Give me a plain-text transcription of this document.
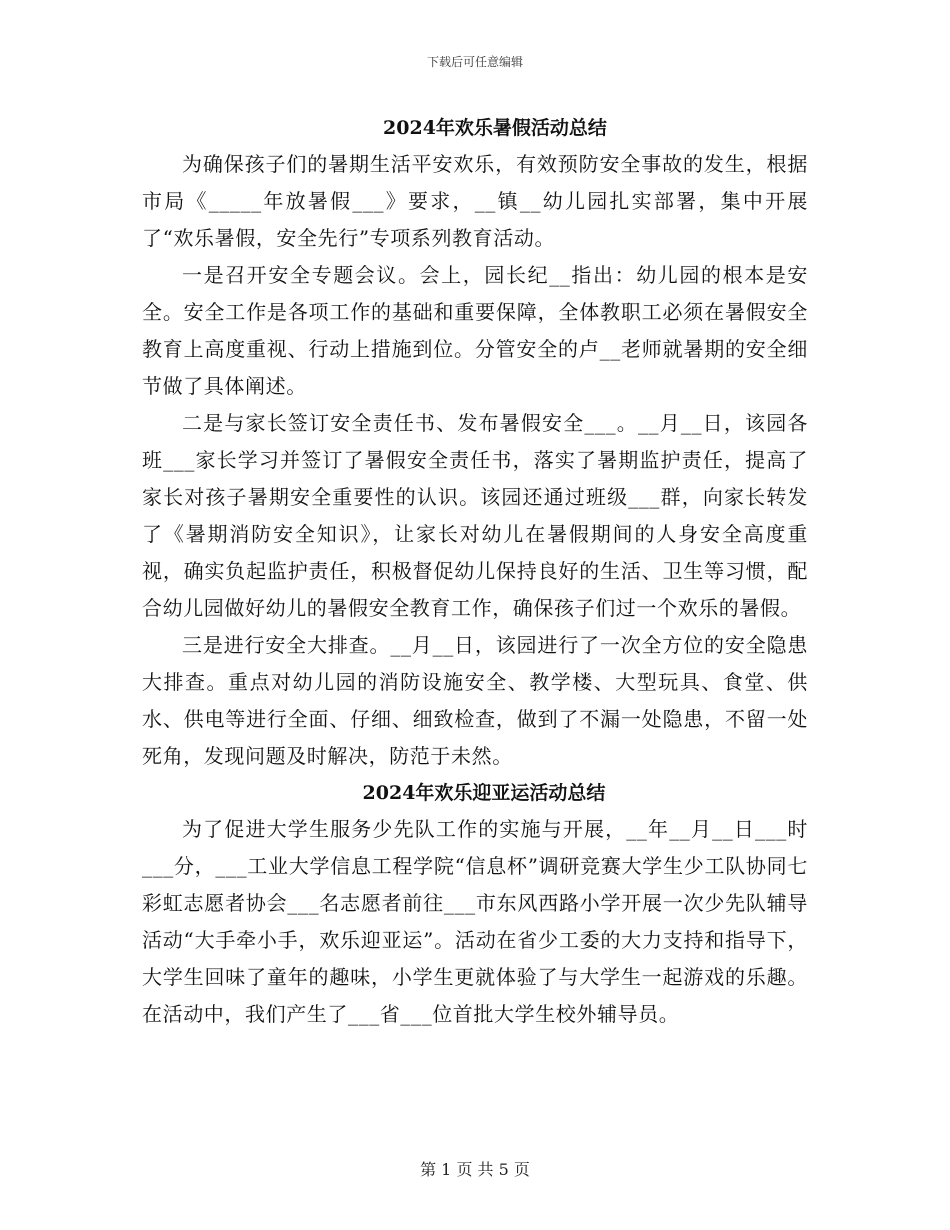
下载后可任意编辑
2024年欢乐暑假活动总结

为确保孩子们的暑期生活平安欢乐，有效预防安全事故的发生，根据市局《_____年放暑假___》要求，__镇__幼儿园扎实部署，集中开展了“欢乐暑假，安全先行”专项系列教育活动。

一是召开安全专题会议。会上，园长纪__指出：幼儿园的根本是安全。安全工作是各项工作的基础和重要保障，全体教职工必须在暑假安全教育上高度重视、行动上措施到位。分管安全的卢__老师就暑期的安全细节做了具体阐述。

二是与家长签订安全责任书、发布暑假安全___。__月__日，该园各班___家长学习并签订了暑假安全责任书，落实了暑期监护责任，提高了家长对孩子暑期安全重要性的认识。该园还通过班级___群，向家长转发了《暑期消防安全知识》，让家长对幼儿在暑假期间的人身安全高度重视，确实负起监护责任，积极督促幼儿保持良好的生活、卫生等习惯，配合幼儿园做好幼儿的暑假安全教育工作，确保孩子们过一个欢乐的暑假。

三是进行安全大排查。__月__日，该园进行了一次全方位的安全隐患大排查。重点对幼儿园的消防设施安全、教学楼、大型玩具、食堂、供水、供电等进行全面、仔细、细致检查，做到了不漏一处隐患，不留一处死角，发现问题及时解决，防范于未然。

2024年欢乐迎亚运活动总结

为了促进大学生服务少先队工作的实施与开展，__年__月__日___时___分，___工业大学信息工程学院“信息杯”调研竞赛大学生少工队协同七彩虹志愿者协会___名志愿者前往___市东风西路小学开展一次少先队辅导活动“大手牵小手，欢乐迎亚运”。活动在省少工委的大力支持和指导下，大学生回味了童年的趣味，小学生更就体验了与大学生一起游戏的乐趣。在活动中，我们产生了___省___位首批大学生校外辅导员。

第 1 页 共 5 页
